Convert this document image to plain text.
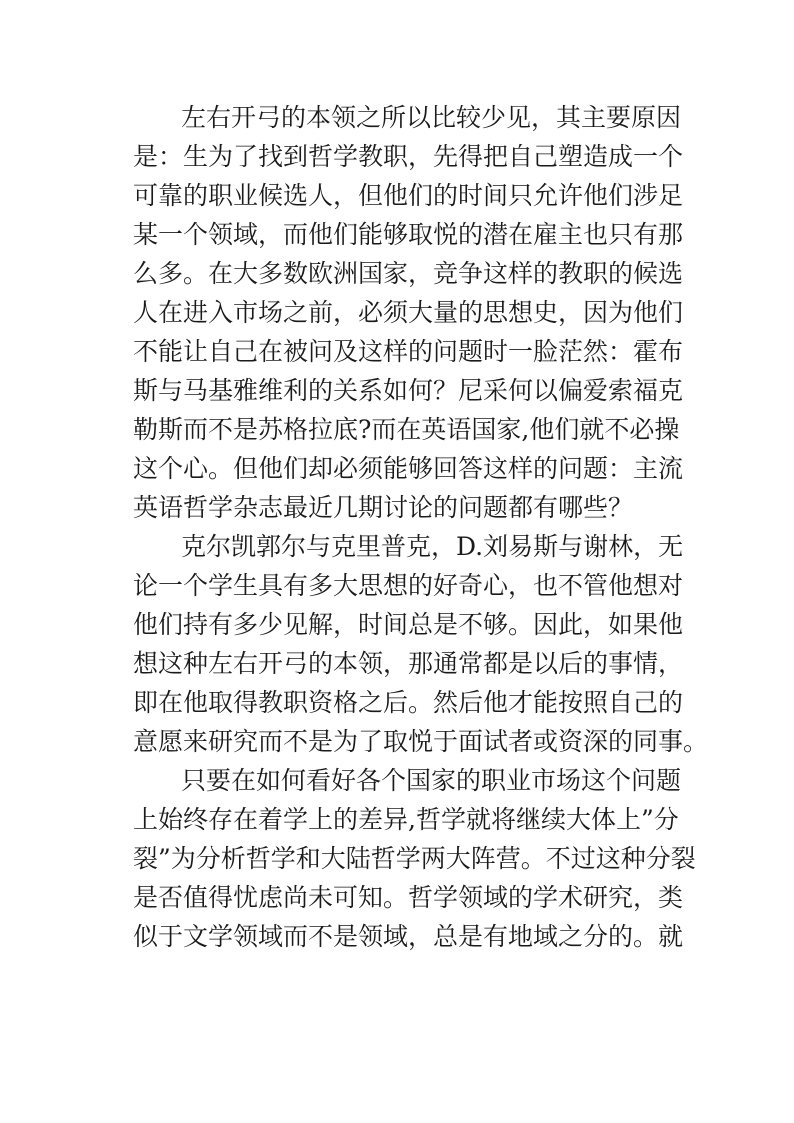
左右开弓的本领之所以比较少见，其主要原因
是：生为了找到哲学教职，先得把自己塑造成一个
可靠的职业候选人，但他们的时间只允许他们涉足
某一个领域，而他们能够取悦的潜在雇主也只有那
么多。在大多数欧洲国家，竞争这样的教职的候选
人在进入市场之前，必须大量的思想史，因为他们
不能让自己在被问及这样的问题时一脸茫然：霍布
斯与马基雅维利的关系如何？尼采何以偏爱索福克
勒斯而不是苏格拉底?而在英语国家,他们就不必操
这个心。但他们却必须能够回答这样的问题：主流
英语哲学杂志最近几期讨论的问题都有哪些？
克尔凯郭尔与克里普克，D.刘易斯与谢林，无
论一个学生具有多大思想的好奇心，也不管他想对
他们持有多少见解，时间总是不够。因此，如果他
想这种左右开弓的本领，那通常都是以后的事情，
即在他取得教职资格之后。然后他才能按照自己的
意愿来研究而不是为了取悦于面试者或资深的同事。
只要在如何看好各个国家的职业市场这个问题
上始终存在着学上的差异,哲学就将继续大体上”分
裂”为分析哲学和大陆哲学两大阵营。不过这种分裂
是否值得忧虑尚未可知。哲学领域的学术研究，类
似于文学领域而不是领域，总是有地域之分的。就
